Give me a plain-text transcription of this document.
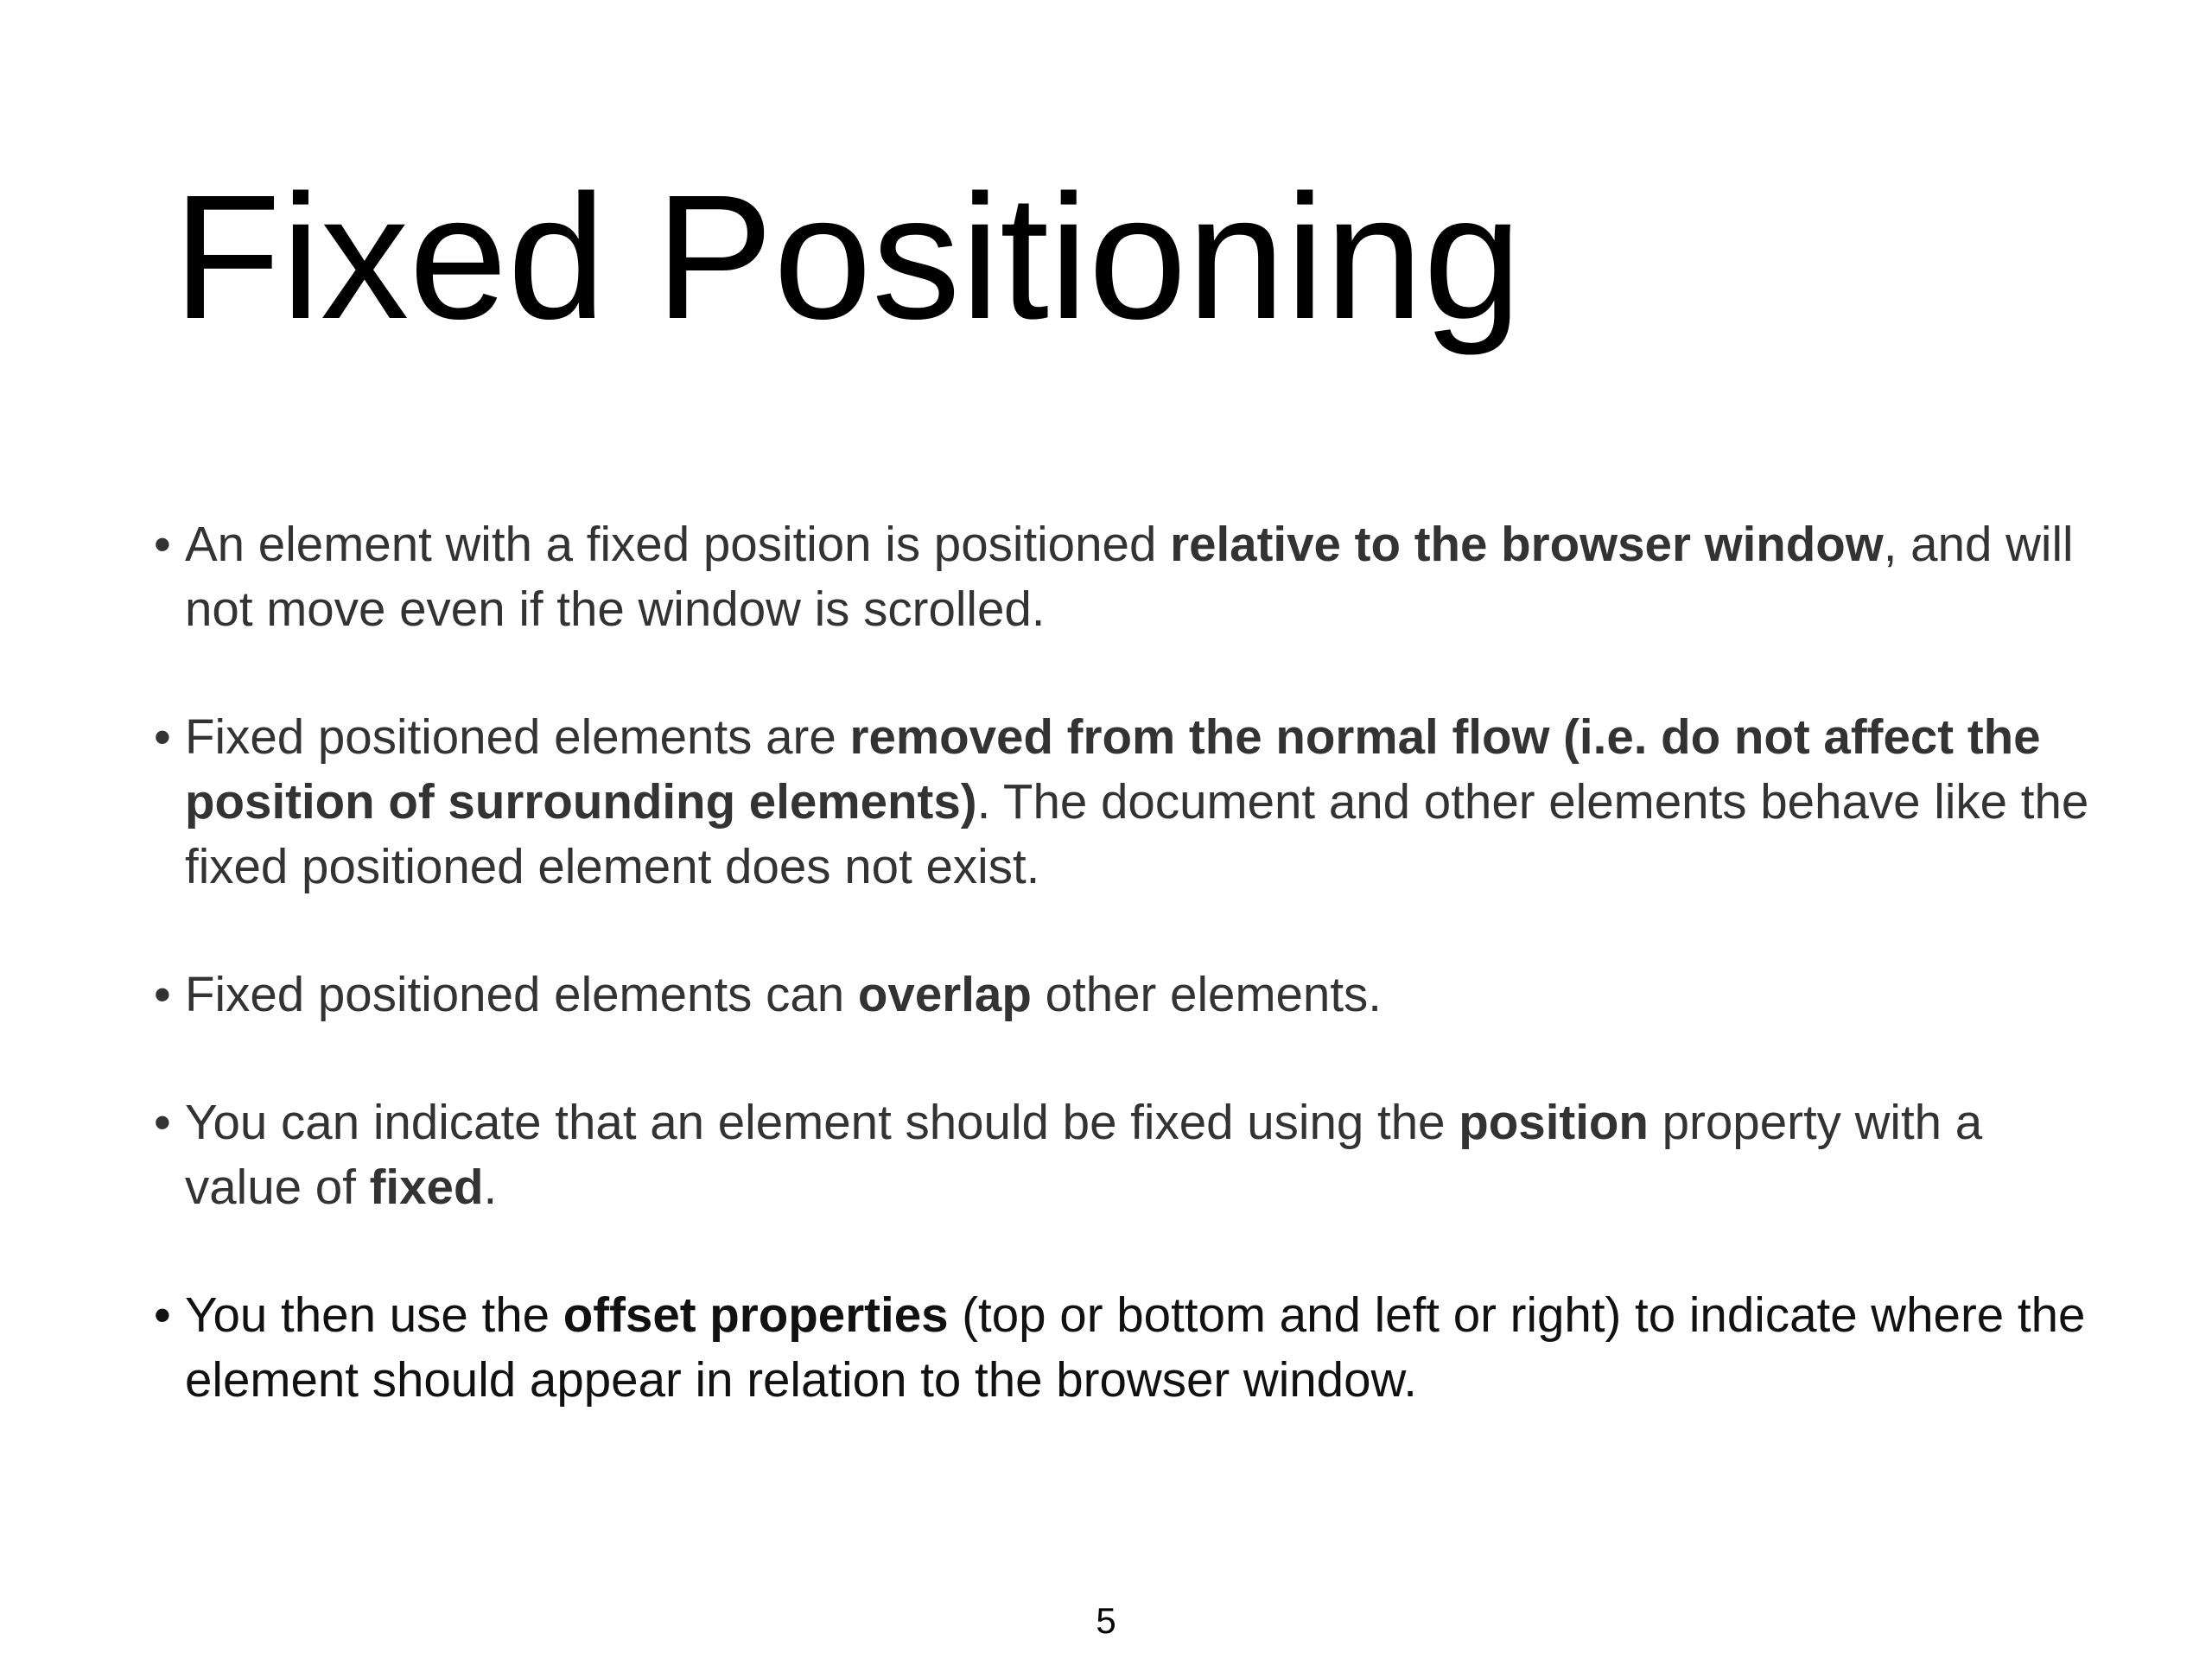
Fixed Positioning
• An element with a fixed position is positioned relative to the browser window, and will not move even if the window is scrolled.
• Fixed positioned elements are removed from the normal flow (i.e. do not affect the position of surrounding elements). The document and other elements behave like the fixed positioned element does not exist.
• Fixed positioned elements can overlap other elements.
• You can indicate that an element should be fixed using the position property with a value of fixed.
• You then use the offset properties (top or bottom and left or right) to indicate where the element should appear in relation to the browser window.
5
